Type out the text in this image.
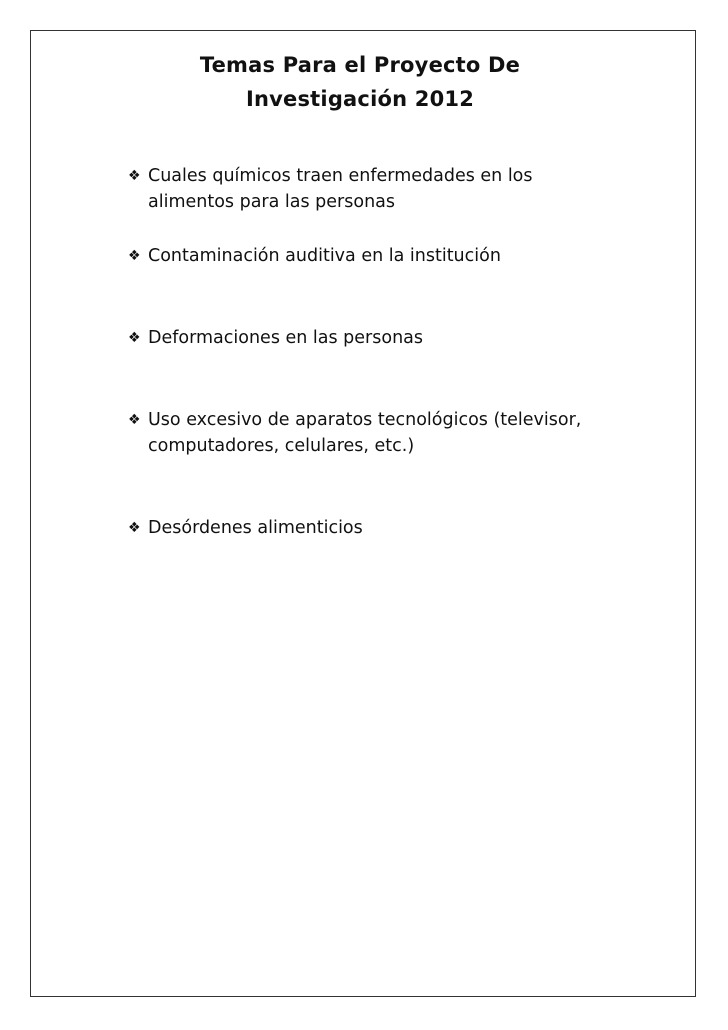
Temas Para el Proyecto De
Investigación 2012
❖ Cuales químicos traen enfermedades en los
alimentos para las personas
❖ Contaminación auditiva en la institución
❖ Deformaciones en las personas
❖ Uso excesivo de aparatos tecnológicos (televisor,
computadores, celulares, etc.)
❖ Desórdenes alimenticios
